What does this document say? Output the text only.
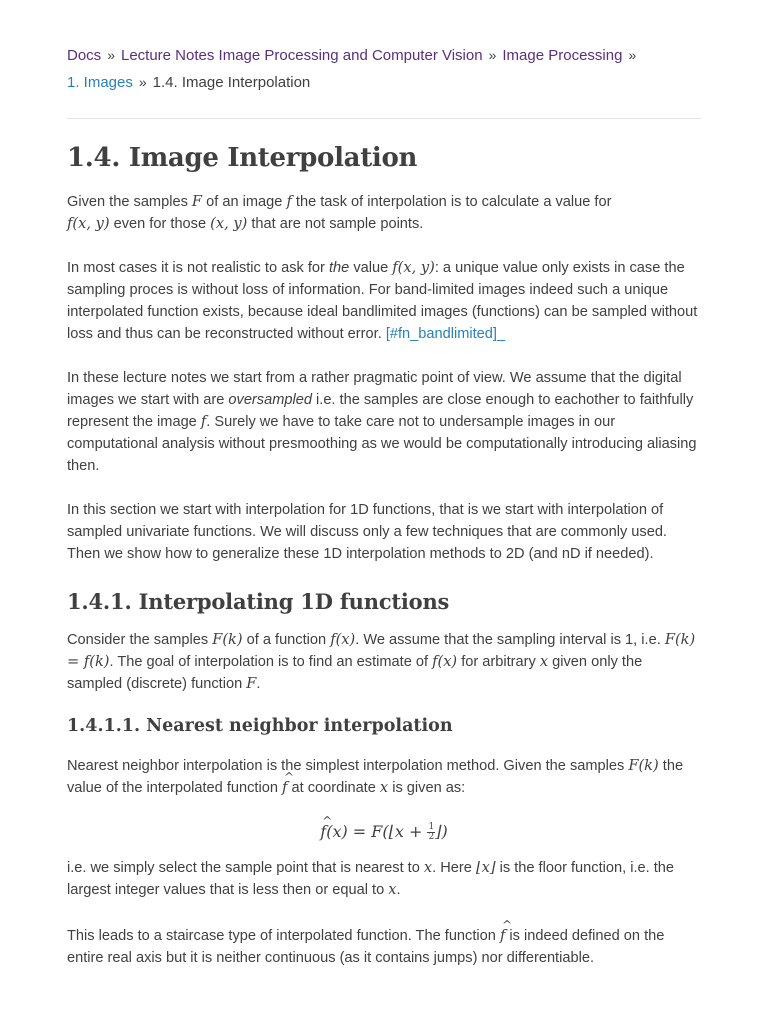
Docs » Lecture Notes Image Processing and Computer Vision » Image Processing »
1. Images » 1.4. Image Interpolation
1.4. Image Interpolation

Given the samples F of an image f the task of interpolation is to calculate a value for
f(x, y) even for those (x, y) that are not sample points.

In most cases it is not realistic to ask for the value f(x, y): a unique value only exists in case the sampling proces is without loss of information. For band-limited images indeed such a unique interpolated function exists, because ideal bandlimited images (functions) can be sampled without loss and thus can be reconstructed without error. [#fn_bandlimited]_

In these lecture notes we start from a rather pragmatic point of view. We assume that the digital images we start with are oversampled i.e. the samples are close enough to eachother to faithfully represent the image f. Surely we have to take care not to undersample images in our computational analysis without presmoothing as we would be computationally introducing aliasing then.

In this section we start with interpolation for 1D functions, that is we start with interpolation of sampled univariate functions. We will discuss only a few techniques that are commonly used. Then we show how to generalize these 1D interpolation methods to 2D (and nD if needed).

1.4.1. Interpolating 1D functions

Consider the samples F(k) of a function f(x). We assume that the sampling interval is 1, i.e. F(k) = f(k). The goal of interpolation is to find an estimate of f(x) for arbitrary x given only the sampled (discrete) function F.

1.4.1.1. Nearest neighbor interpolation

Nearest neighbor interpolation is the simplest interpolation method. Given the samples F(k) the value of the interpolated function ^ f at coordinate x is given as:

^ f(x) = F(⌊x + $\frac{1}{2}$ ⌋)

i.e. we simply select the sample point that is nearest to x. Here ⌊x⌋ is the floor function, i.e. the largest integer values that is less then or equal to x.

This leads to a staircase type of interpolated function. The function ^ f is indeed defined on the entire real axis but it is neither continuous (as it contains jumps) nor differentiable.
